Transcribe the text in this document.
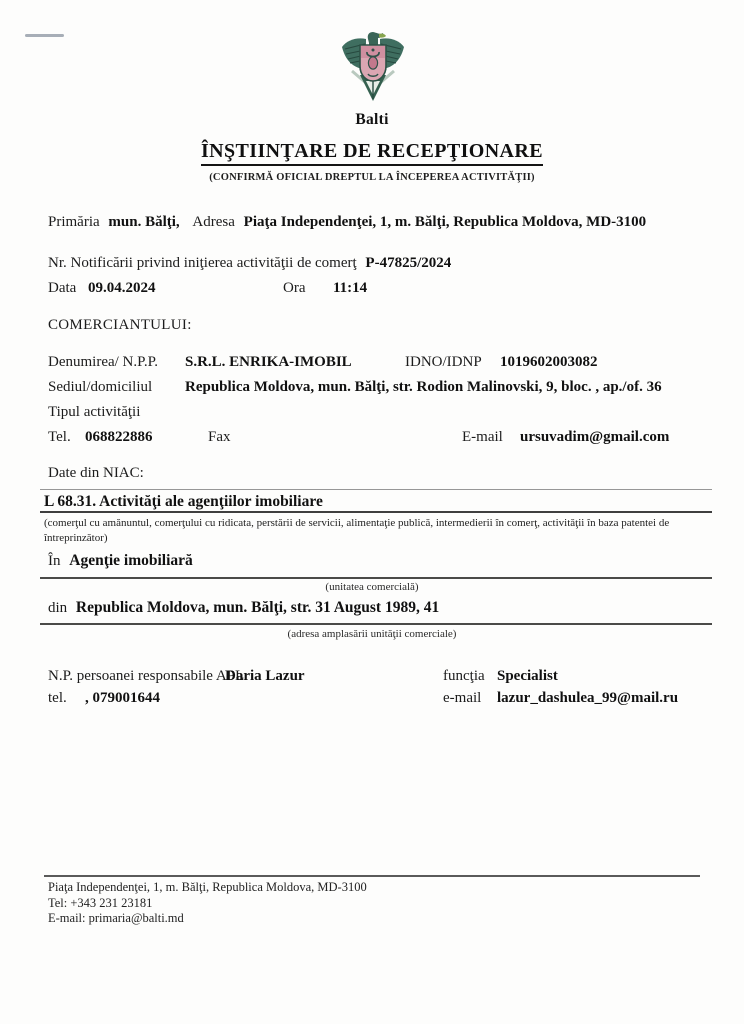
Balti
ÎNŞTIINŢARE DE RECEPŢIONARE
(CONFIRMĂ OFICIAL DREPTUL LA ÎNCEPEREA ACTIVITĂŢII)

Primăria mun. Bălţi, Adresa Piaţa Independenţei, 1, m. Bălţi, Republica Moldova, MD-3100

Nr. Notificării privind iniţierea activităţii de comerţ P-47825/2024

Data 09.04.2024	Ora	11:14

COMERCIANTULUI:

Denumirea/ N.P.P.	S.R.L. ENRIKA-IMOBIL	IDNO/IDNP	1019602003082
Sediul/domiciliul	Republica Moldova, mun. Bălţi, str. Rodion Malinovski, 9, bloc. , ap./of. 36

Tipul activităţii

Tel. 068822886	Fax	E-mail	ursuvadim@gmail.com

Date din NIAC:

L 68.31. Activităţi ale agenţiilor imobiliare

(comerţul cu amănuntul, comerţului cu ridicata, perstării de servicii, alimentaţie publică, intermedierii în comerţ, activităţii în baza patentei de întreprinzător)

În Agenţie imobiliară

(unitatea comercială)

din Republica Moldova, mun. Bălţi, str. 31 August 1989, 41

(adresa amplasării unităţii comerciale)
N.P. persoanei responsabile APL
Daria Lazur	funcţia Specialist
tel.	, 079001644	e-mail	lazur_dashulea_99@mail.ru
Piaţa Independenţei, 1, m. Bălţi, Republica Moldova, MD-3100
Tel: +343 231 23181
E-mail: primaria@balti.md
